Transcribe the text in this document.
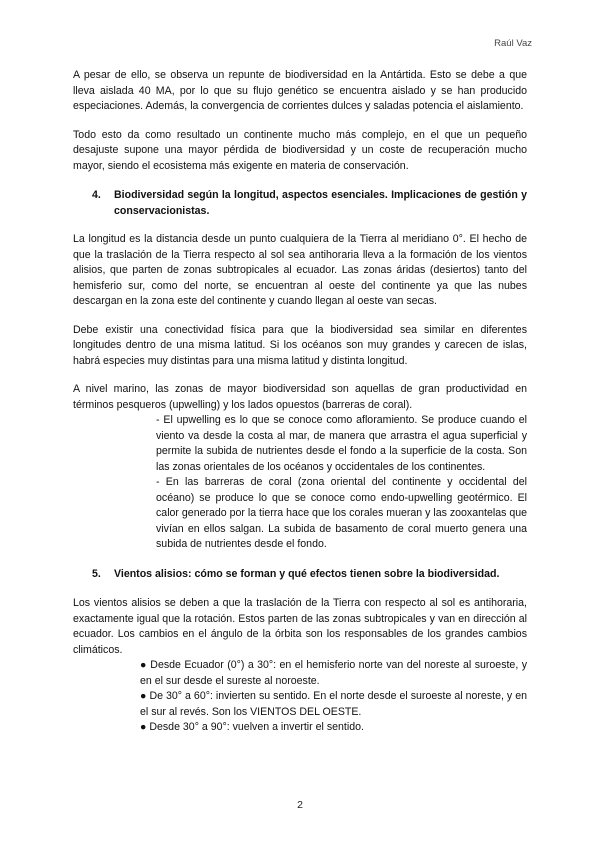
Raúl Vaz

A pesar de ello, se observa un repunte de biodiversidad en la Antártida. Esto se debe a que lleva aislada 40 MA, por lo que su flujo genético se encuentra aislado y se han producido especiaciones. Además, la convergencia de corrientes dulces y saladas potencia el aislamiento.

Todo esto da como resultado un continente mucho más complejo, en el que un pequeño desajuste supone una mayor pérdida de biodiversidad y un coste de recuperación mucho mayor, siendo el ecosistema más exigente en materia de conservación.

4.	Biodiversidad según la longitud, aspectos esenciales. Implicaciones de gestión y conservacionistas.

La longitud es la distancia desde un punto cualquiera de la Tierra al meridiano 0°. El hecho de que la traslación de la Tierra respecto al sol sea antihoraria lleva a la formación de los vientos alisios, que parten de zonas subtropicales al ecuador. Las zonas áridas (desiertos) tanto del hemisferio sur, como del norte, se encuentran al oeste del continente ya que las nubes descargan en la zona este del continente y cuando llegan al oeste van secas.

Debe existir una conectividad física para que la biodiversidad sea similar en diferentes longitudes dentro de una misma latitud. Si los océanos son muy grandes y carecen de islas, habrá especies muy distintas para una misma latitud y distinta longitud.

A nivel marino, las zonas de mayor biodiversidad son aquellas de gran productividad en términos pesqueros (upwelling) y los lados opuestos (barreras de coral).

- El upwelling es lo que se conoce como afloramiento. Se produce cuando el viento va desde la costa al mar, de manera que arrastra el agua superficial y permite la subida de nutrientes desde el fondo a la superficie de la costa. Son las zonas orientales de los océanos y occidentales de los continentes.
- En las barreras de coral (zona oriental del continente y occidental del océano) se produce lo que se conoce como endo-upwelling geotérmico. El calor generado por la tierra hace que los corales mueran y las zooxantelas que vivían en ellos salgan. La subida de basamento de coral muerto genera una subida de nutrientes desde el fondo.
5.	Vientos alisios: cómo se forman y qué efectos tienen sobre la biodiversidad.

Los vientos alisios se deben a que la traslación de la Tierra con respecto al sol es antihoraria, exactamente igual que la rotación. Estos parten de las zonas subtropicales y van en dirección al ecuador. Los cambios en el ángulo de la órbita son los responsables de los grandes cambios climáticos.

● Desde Ecuador (0°) a 30°: en el hemisferio norte van del noreste al suroeste, y en el sur desde el sureste al noroeste.
● De 30° a 60°: invierten su sentido. En el norte desde el suroeste al noreste, y en el sur al revés. Son los VIENTOS DEL OESTE.
● Desde 30° a 90°: vuelven a invertir el sentido.
2
